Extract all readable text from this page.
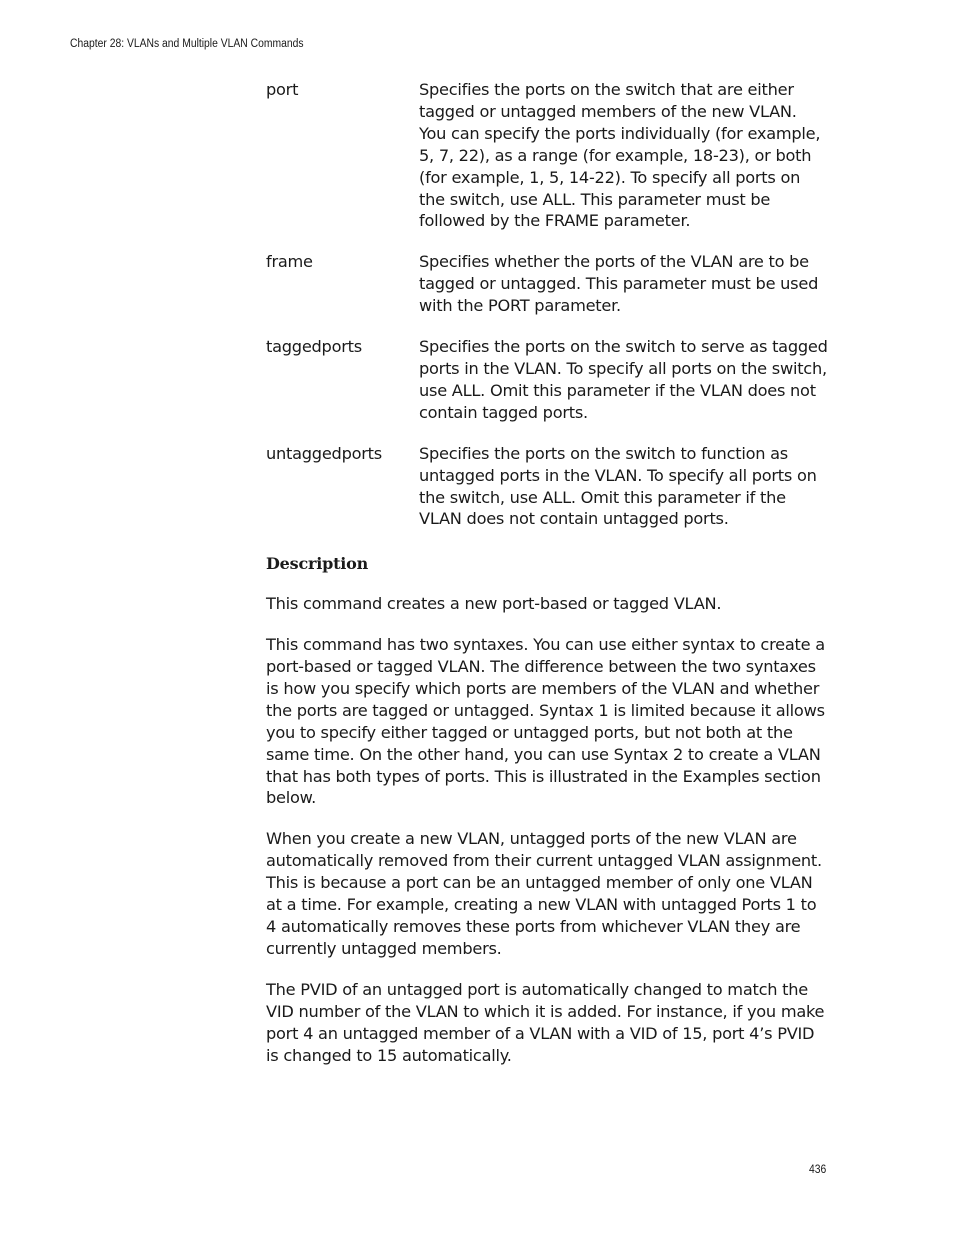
Chapter 28: VLANs and Multiple VLAN Commands
port	Specifies the ports on the switch that are either tagged or untagged members of the new VLAN. You can specify the ports individually (for example, 5, 7, 22), as a range (for example, 18-23), or both (for example, 1, 5, 14-22). To specify all ports on the switch, use ALL. This parameter must be followed by the FRAME parameter.
frame	Specifies whether the ports of the VLAN are to be tagged or untagged. This parameter must be used with the PORT parameter.
taggedports	Specifies the ports on the switch to serve as tagged ports in the VLAN. To specify all ports on the switch, use ALL. Omit this parameter if the VLAN does not contain tagged ports.
untaggedports	Specifies the ports on the switch to function as untagged ports in the VLAN. To specify all ports on the switch, use ALL. Omit this parameter if the VLAN does not contain untagged ports.
Description

This command creates a new port-based or tagged VLAN.

This command has two syntaxes. You can use either syntax to create a port-based or tagged VLAN. The difference between the two syntaxes is how you specify which ports are members of the VLAN and whether the ports are tagged or untagged. Syntax 1 is limited because it allows you to specify either tagged or untagged ports, but not both at the same time. On the other hand, you can use Syntax 2 to create a VLAN that has both types of ports. This is illustrated in the Examples section below.

When you create a new VLAN, untagged ports of the new VLAN are automatically removed from their current untagged VLAN assignment. This is because a port can be an untagged member of only one VLAN at a time. For example, creating a new VLAN with untagged Ports 1 to 4 automatically removes these ports from whichever VLAN they are currently untagged members.

The PVID of an untagged port is automatically changed to match the VID number of the VLAN to which it is added. For instance, if you make port 4 an untagged member of a VLAN with a VID of 15, port 4’s PVID is changed to 15 automatically.

436
